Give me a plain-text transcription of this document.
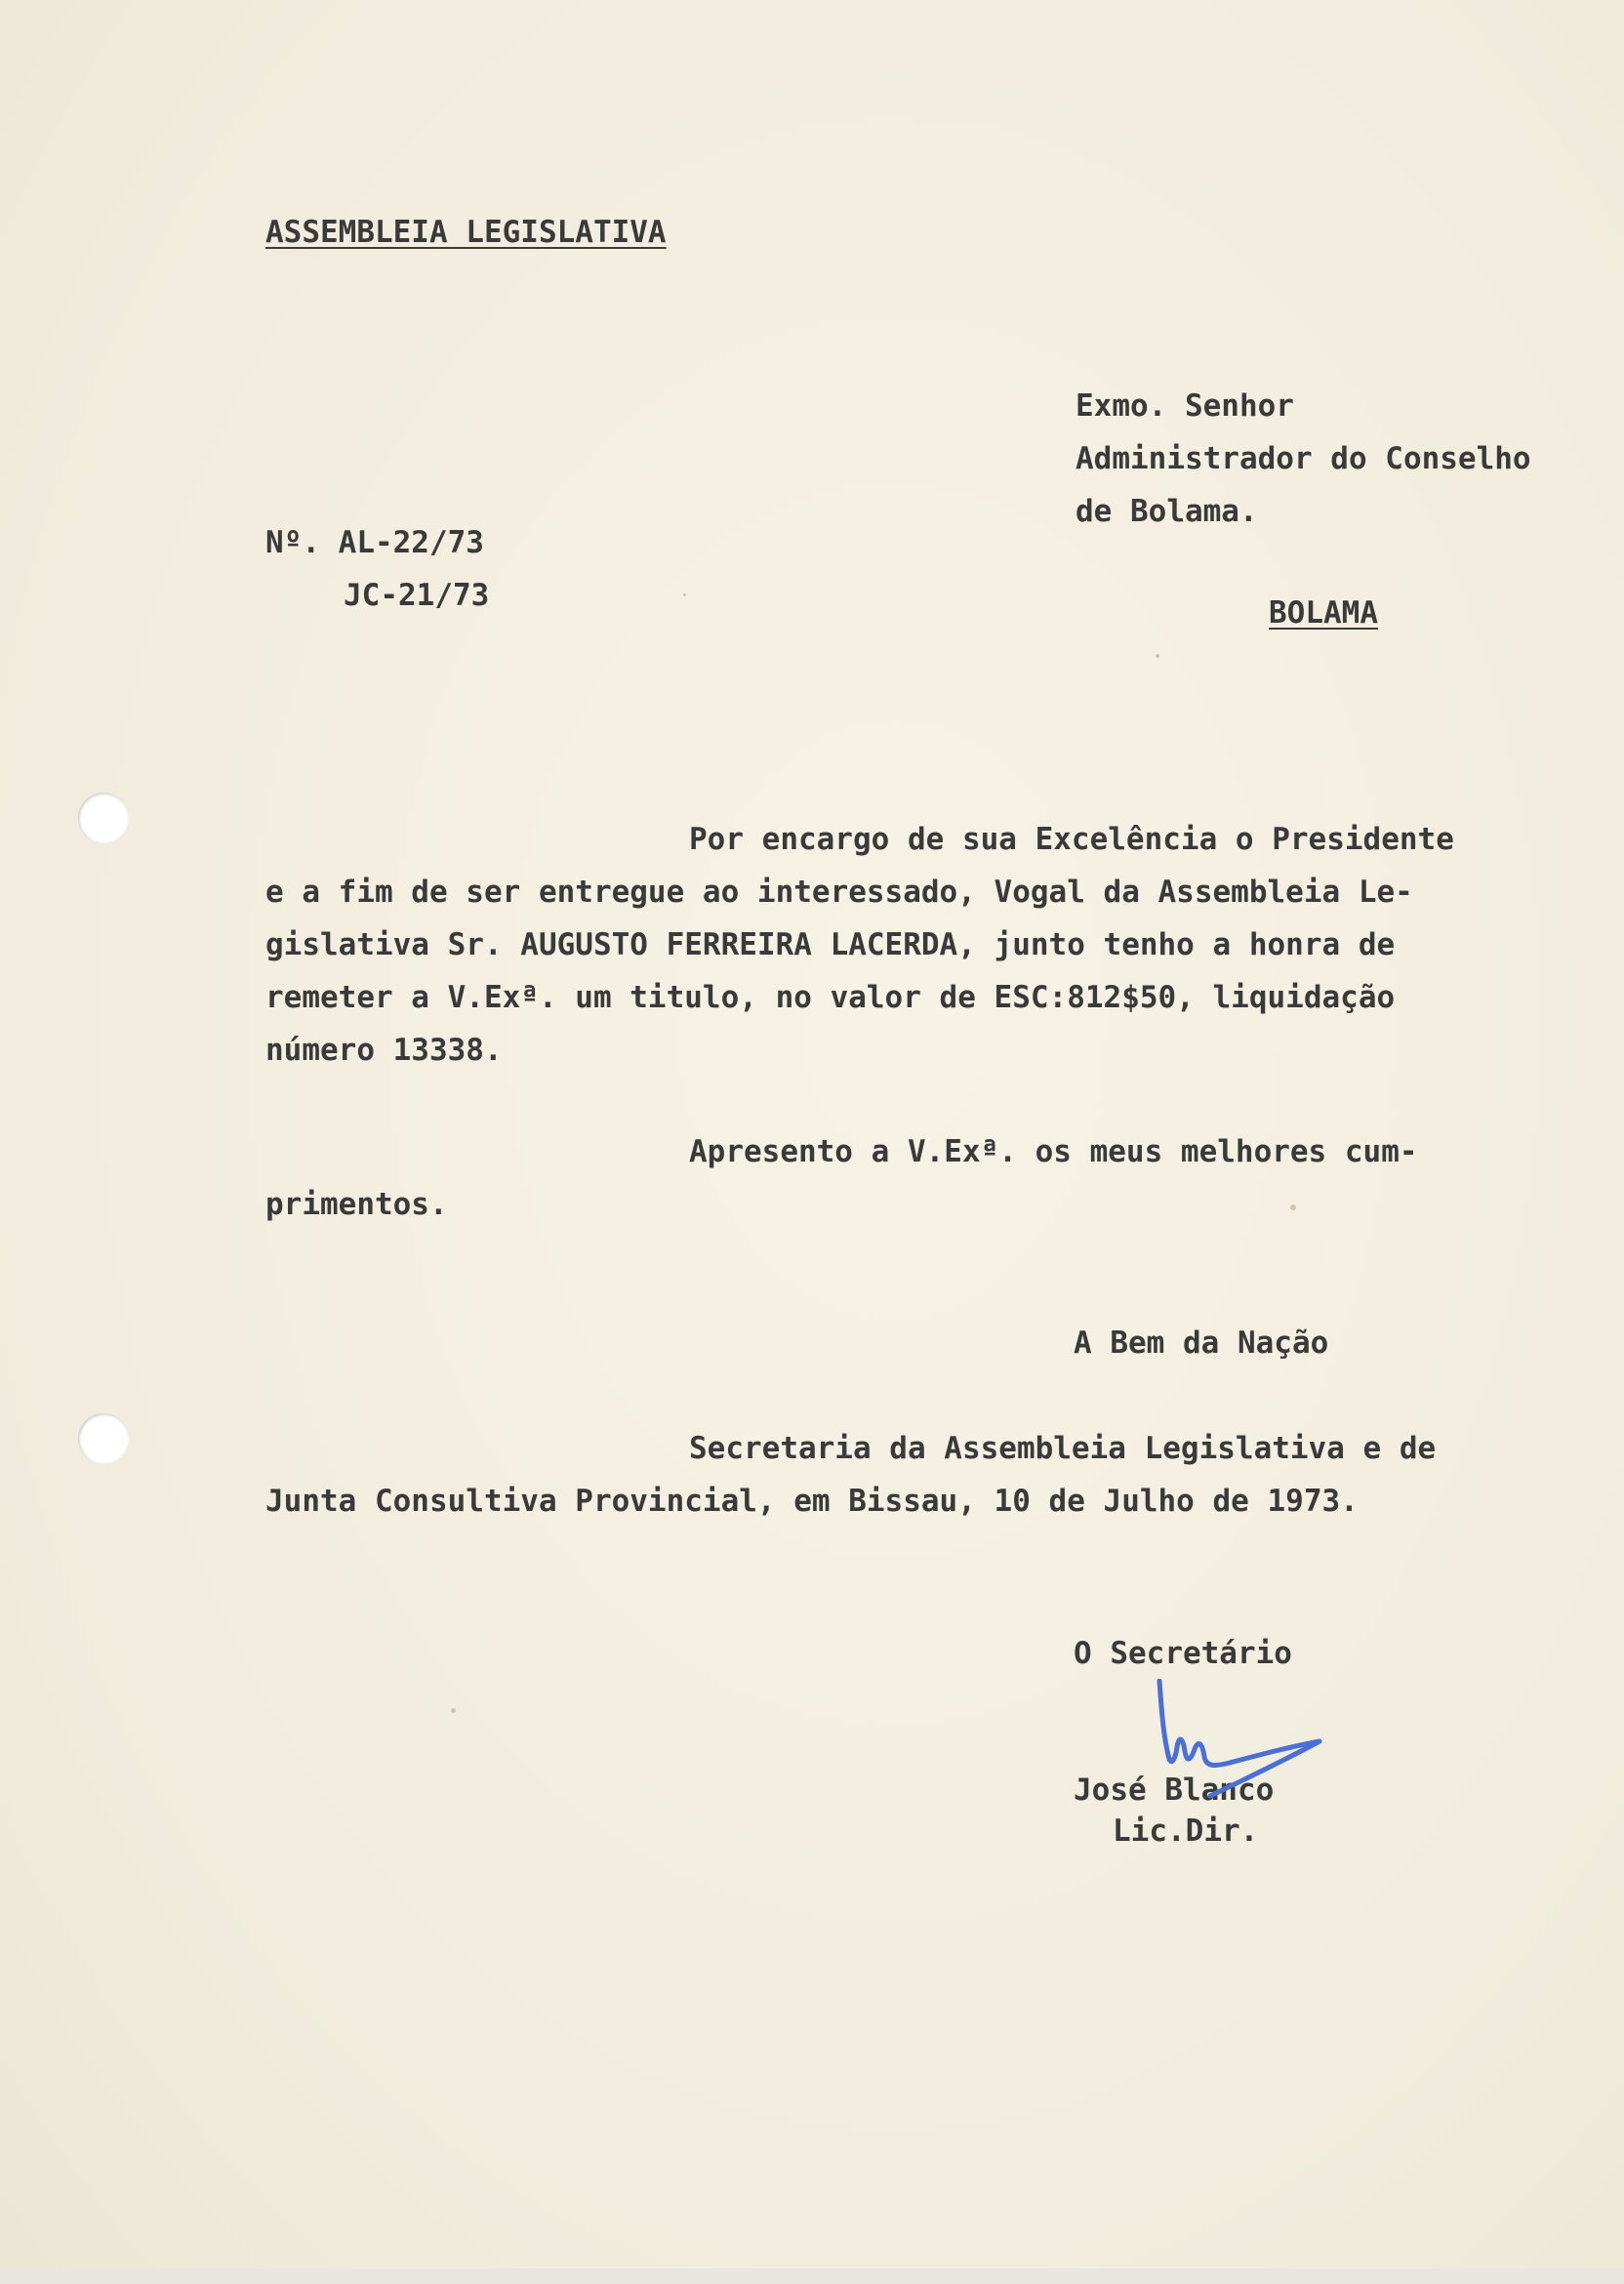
ASSEMBLEIA LEGISLATIVA
Exmo. Senhor
Administrador do Conselho
de Bolama.
Nº. AL-22/73
JC-21/73	BOLAMA
Por encargo de sua Excelência o Presidente
e a fim de ser entregue ao interessado, Vogal da Assembleia Le-
gislativa Sr. AUGUSTO FERREIRA LACERDA, junto tenho a honra de
remeter a V.Exª. um titulo, no valor de ESC:812$50, liquidação
número 13338.
Apresento a V.Exª. os meus melhores cum-
primentos.
A Bem da Nação
Secretaria da Assembleia Legislativa e de
Junta Consultiva Provincial, em Bissau, 10 de Julho de 1973.
O Secretário
José Blanco
Lic.Dir.
